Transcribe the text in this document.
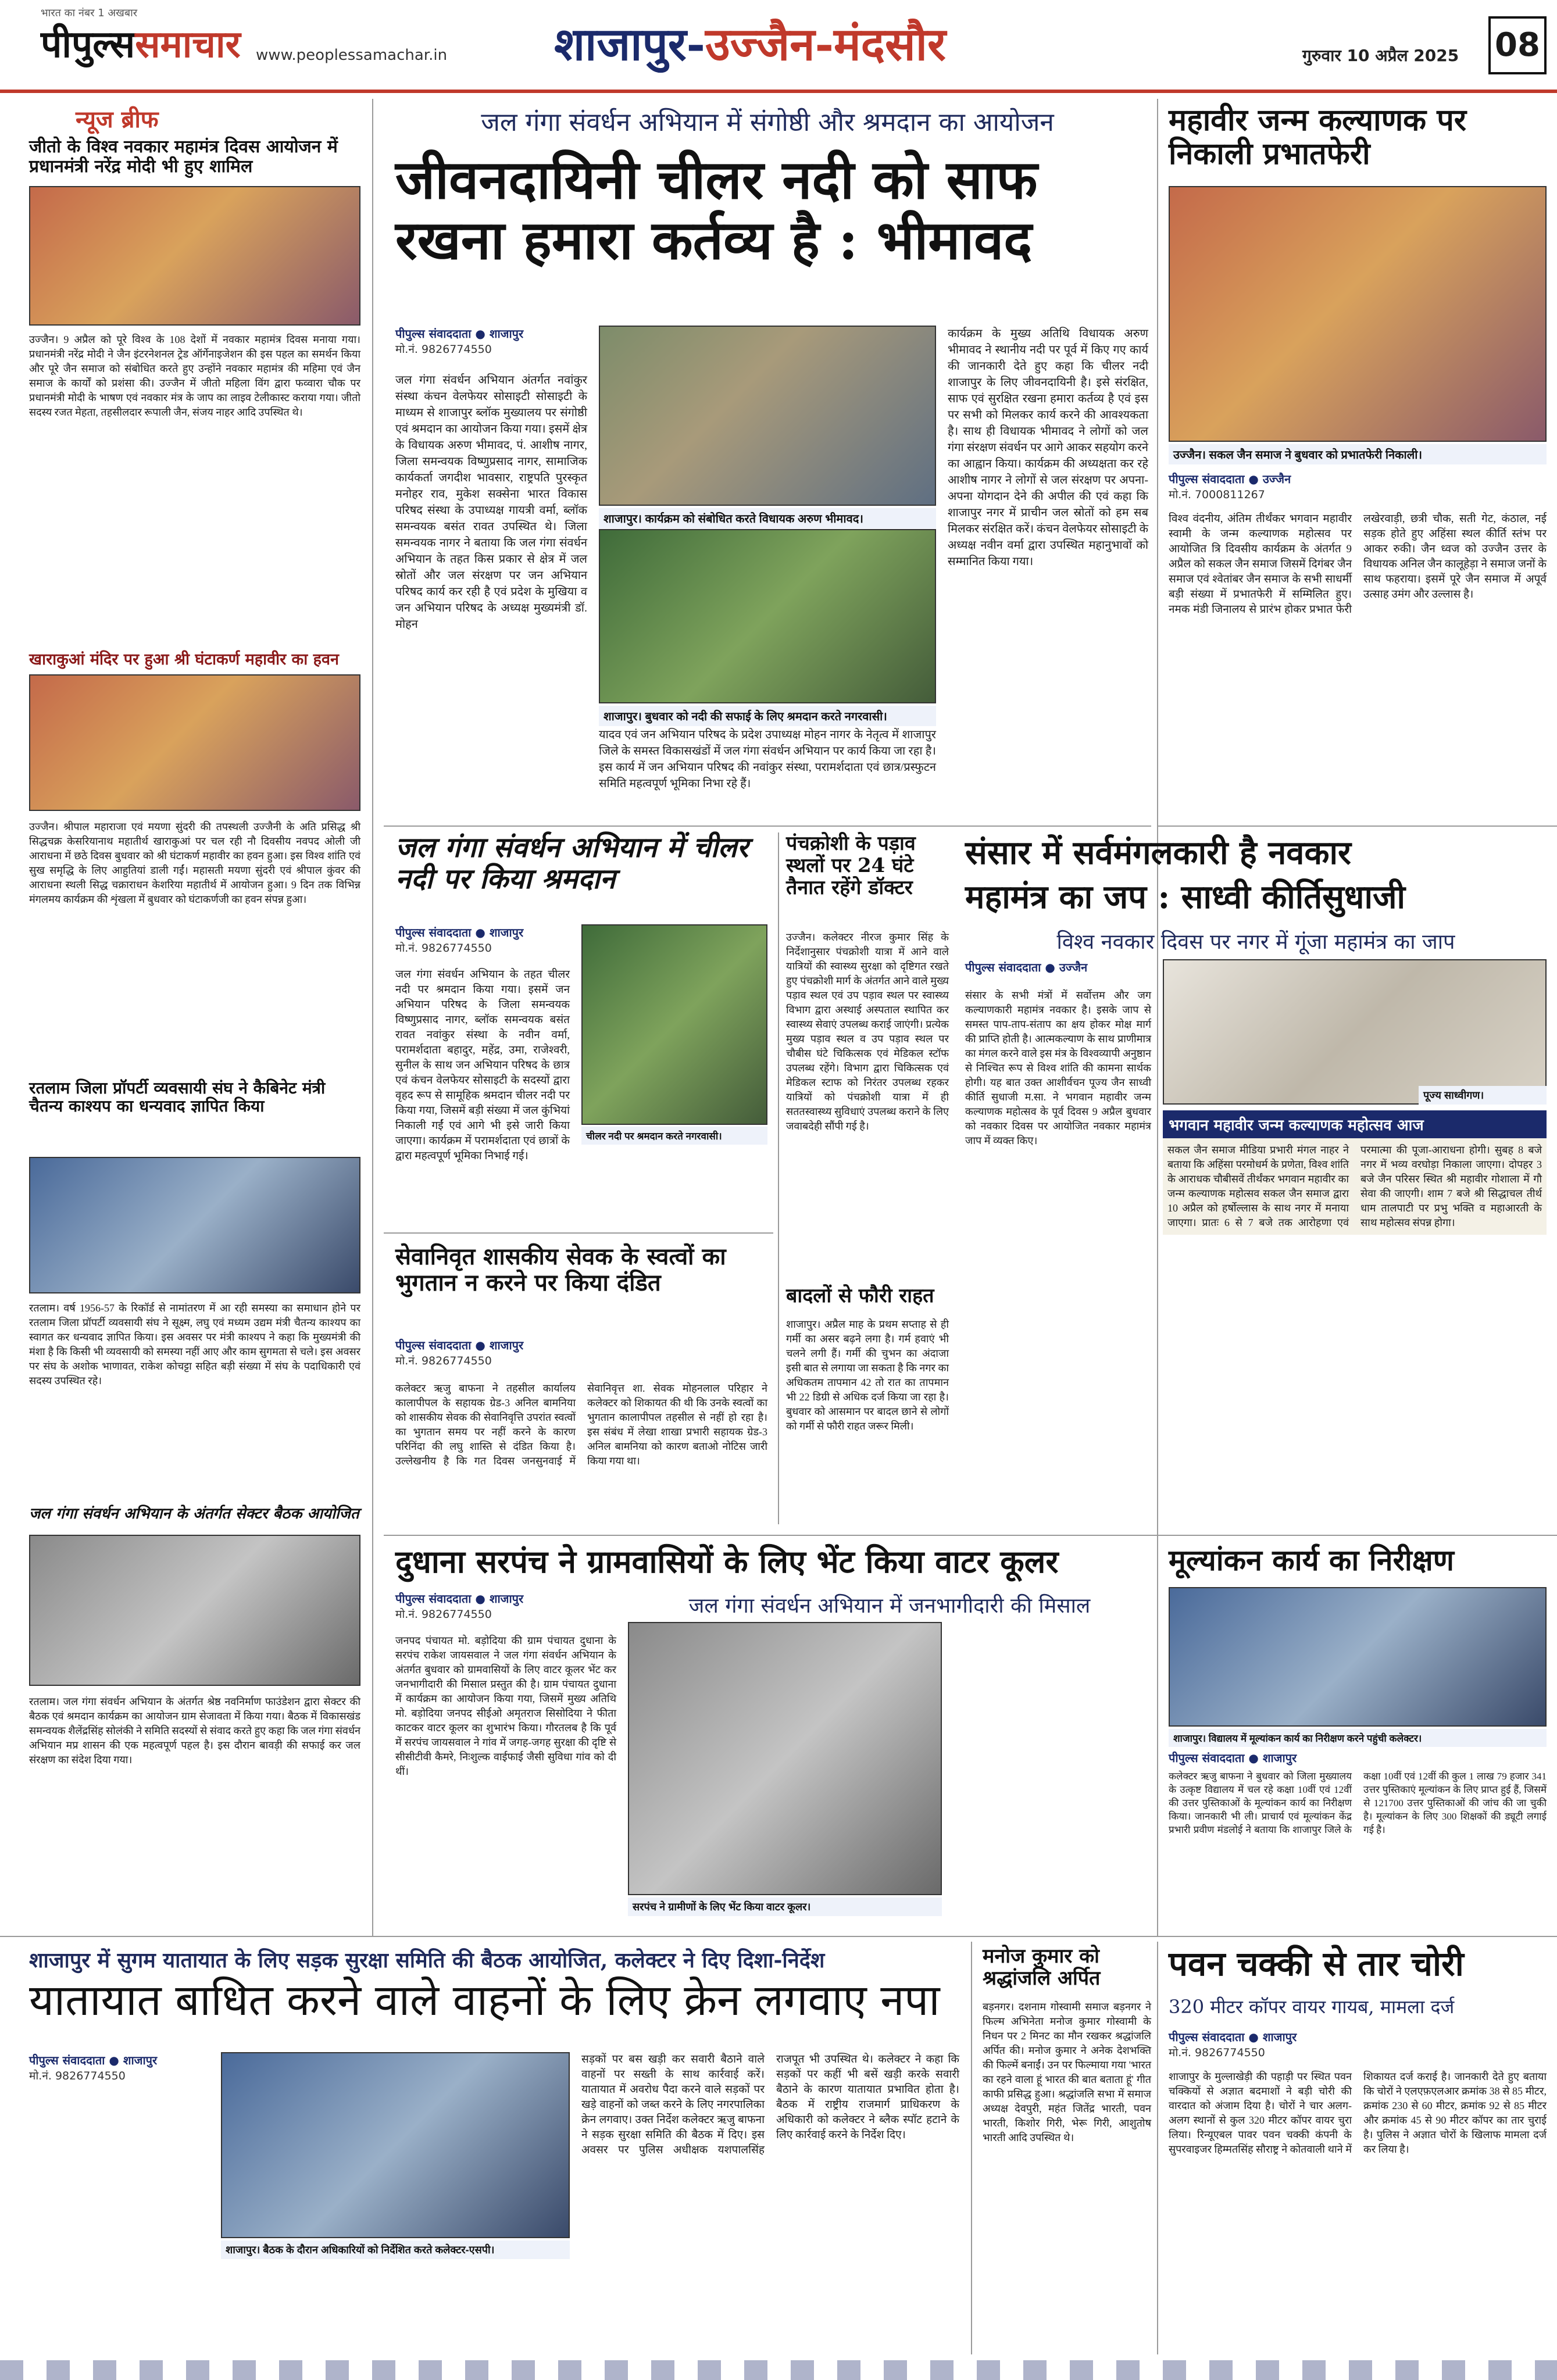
भारत का नंबर 1 अखबार
पीपुल्ससमाचार www.peoplessamachar.in	शाजापुर-उज्जैन-मंदसौर	गुरुवार 10 अप्रैल 2025 08
न्यूज ब्रीफ
जीतो के विश्व नवकार महामंत्र दिवस आयोजन में प्रधानमंत्री नरेंद्र मोदी भी हुए शामिल
उज्जैन। 9 अप्रैल को पूरे विश्व के 108 देशों में नवकार महामंत्र दिवस मनाया गया। प्रधानमंत्री नरेंद्र मोदी ने जैन इंटरनेशनल ट्रेड ऑर्गेनाइजेशन की इस पहल का समर्थन किया और पूरे जैन समाज को संबोधित करते हुए उन्होंने नवकार महामंत्र की महिमा एवं जैन समाज के कार्यों को प्रशंसा की। उज्जैन में जीतो महिला विंग द्वारा फव्वारा चौक पर प्रधानमंत्री मोदी के भाषण एवं नवकार मंत्र के जाप का लाइव टेलीकास्ट कराया गया। जीतो सदस्य रजत मेहता, तहसीलदार रूपाली जैन, संजय नाहर आदि उपस्थित थे।
खाराकुआं मंदिर पर हुआ श्री घंटाकर्ण महावीर का हवन
उज्जैन। श्रीपाल महाराजा एवं मयणा सुंदरी की तपस्थली उज्जैनी के अति प्रसिद्ध श्री सिद्धचक्र केसरियानाथ महातीर्थ खाराकुआं पर चल रही नौ दिवसीय नवपद ओली जी आराधना में छठे दिवस बुधवार को श्री घंटाकर्ण महावीर का हवन हुआ। इस विश्व शांति एवं सुख समृद्धि के लिए आहुतियां डाली गईं। महासती मयणा सुंदरी एवं श्रीपाल कुंवर की आराधना स्थली सिद्ध चक्राराधन केशरिया महातीर्थ में आयोजन हुआ। 9 दिन तक विभिन्न मंगलमय कार्यक्रम की शृंखला में बुधवार को घंटाकर्णजी का हवन संपन्न हुआ।
रतलाम जिला प्रॉपर्टी व्यवसायी संघ ने कैबिनेट मंत्री चैतन्य काश्यप का धन्यवाद ज्ञापित किया
रतलाम। वर्ष 1956-57 के रिकॉर्ड से नामांतरण में आ रही समस्या का समाधान होने पर रतलाम जिला प्रॉपर्टी व्यवसायी संघ ने सूक्ष्म, लघु एवं मध्यम उद्यम मंत्री चैतन्य काश्यप का स्वागत कर धन्यवाद ज्ञापित किया। इस अवसर पर मंत्री काश्यप ने कहा कि मुख्यमंत्री की मंशा है कि किसी भी व्यवसायी को समस्या नहीं आए और काम सुगमता से चले। इस अवसर पर संघ के अशोक भाणावत, राकेश कोचट्टा सहित बड़ी संख्या में संघ के पदाधिकारी एवं सदस्य उपस्थित रहे।
जल गंगा संवर्धन अभियान के अंतर्गत सेक्टर बैठक आयोजित
रतलाम। जल गंगा संवर्धन अभियान के अंतर्गत श्रेष्ठ नवनिर्माण फाउंडेशन द्वारा सेक्टर की बैठक एवं श्रमदान कार्यक्रम का आयोजन ग्राम सेजावता में किया गया। बैठक में विकासखंड समन्वयक शैलेंद्रसिंह सोलंकी ने समिति सदस्यों से संवाद करते हुए कहा कि जल गंगा संवर्धन अभियान मप्र शासन की एक महत्वपूर्ण पहल है। इस दौरान बावड़ी की सफाई कर जल संरक्षण का संदेश दिया गया।
जल गंगा संवर्धन अभियान में संगोष्ठी और श्रमदान का आयोजन
जीवनदायिनी चीलर नदी को साफ
रखना हमारा कर्तव्य है : भीमावद
पीपुल्स संवाददाता ● शाजापुर
मो.नं. 9826774550
जल गंगा संवर्धन अभियान अंतर्गत नवांकुर संस्था कंचन वेलफेयर सोसाइटी सोसाइटी के माध्यम से शाजापुर ब्लॉक मुख्यालय पर संगोष्ठी एवं श्रमदान का आयोजन किया गया। इसमें क्षेत्र के विधायक अरुण भीमावद, पं. आशीष नागर, जिला समन्वयक विष्णुप्रसाद नागर, सामाजिक कार्यकर्ता जगदीश भावसार, राष्ट्रपति पुरस्कृत मनोहर राव, मुकेश सक्सेना भारत विकास परिषद संस्था के उपाध्यक्ष गायत्री वर्मा, ब्लॉक समन्वयक बसंत रावत उपस्थित थे। जिला समन्वयक नागर ने बताया कि जल गंगा संवर्धन अभियान के तहत किस प्रकार से क्षेत्र में जल स्रोतों और जल संरक्षण पर जन अभियान परिषद कार्य कर रही है एवं प्रदेश के मुखिया व जन अभियान परिषद के अध्यक्ष मुख्यमंत्री डॉ. मोहन
शाजापुर। कार्यक्रम को संबोधित करते विधायक अरुण भीमावद।
शाजापुर। बुधवार को नदी की सफाई के लिए श्रमदान करते नगरवासी।
यादव एवं जन अभियान परिषद के प्रदेश उपाध्यक्ष मोहन नागर के नेतृत्व में शाजापुर जिले के समस्त विकासखंडों में जल गंगा संवर्धन अभियान पर कार्य किया जा रहा है। इस कार्य में जन अभियान परिषद की नवांकुर संस्था, परामर्शदाता एवं छात्र/प्रस्फुटन समिति महत्वपूर्ण भूमिका निभा रहे हैं।
कार्यक्रम के मुख्य अतिथि विधायक अरुण भीमावद ने स्थानीय नदी पर पूर्व में किए गए कार्य की जानकारी देते हुए कहा कि चीलर नदी शाजापुर के लिए जीवनदायिनी है। इसे संरक्षित, साफ एवं सुरक्षित रखना हमारा कर्तव्य है एवं इस पर सभी को मिलकर कार्य करने की आवश्यकता है। साथ ही विधायक भीमावद ने लोगों को जल गंगा संरक्षण संवर्धन पर आगे आकर सहयोग करने का आह्वान किया। कार्यक्रम की अध्यक्षता कर रहे आशीष नागर ने लोगों से जल संरक्षण पर अपना-अपना योगदान देने की अपील की एवं कहा कि शाजापुर नगर में प्राचीन जल स्रोतों को हम सब मिलकर संरक्षित करें। कंचन वेलफेयर सोसाइटी के अध्यक्ष नवीन वर्मा द्वारा उपस्थित महानुभावों को सम्मानित किया गया।
जल गंगा संवर्धन अभियान में चीलर नदी पर किया श्रमदान
पीपुल्स संवाददाता ● शाजापुर
मो.नं. 9826774550
जल गंगा संवर्धन अभियान के तहत चीलर नदी पर श्रमदान किया गया। इसमें जन अभियान परिषद के जिला समन्वयक विष्णुप्रसाद नागर, ब्लॉक समन्वयक बसंत रावत नवांकुर संस्था के नवीन वर्मा, परामर्शदाता बहादुर, महेंद्र, उमा, राजेश्वरी, सुनील के साथ जन अभियान परिषद के छात्र एवं कंचन वेलफेयर सोसाइटी के सदस्यों द्वारा वृहद रूप से सामूहिक श्रमदान चीलर नदी पर किया गया, जिसमें बड़ी संख्या में जल कुंभियां निकाली गईं एवं आगे भी इसे जारी किया जाएगा। कार्यक्रम में परामर्शदाता एवं छात्रों के द्वारा महत्वपूर्ण भूमिका निभाई गई।
चीलर नदी पर श्रमदान करते नगरवासी।
पंचक्रोशी के पड़ाव स्थलों पर 24 घंटे तैनात रहेंगे डॉक्टर
उज्जैन। कलेक्टर नीरज कुमार सिंह के निर्देशानुसार पंचक्रोशी यात्रा में आने वाले यात्रियों की स्वास्थ्य सुरक्षा को दृष्टिगत रखते हुए पंचक्रोशी मार्ग के अंतर्गत आने वाले मुख्य पड़ाव स्थल एवं उप पड़ाव स्थल पर स्वास्थ्य विभाग द्वारा अस्थाई अस्पताल स्थापित कर स्वास्थ्य सेवाएं उपलब्ध कराई जाएंगी। प्रत्येक मुख्य पड़ाव स्थल व उप पड़ाव स्थल पर चौबीस घंटे चिकित्सक एवं मेडिकल स्टॉफ उपलब्ध रहेंगे। विभाग द्वारा चिकित्सक एवं मेडिकल स्टाफ को निरंतर उपलब्ध रहकर यात्रियों को पंचक्रोशी यात्रा में ही सततस्वास्थ्य सुविधाएं उपलब्ध कराने के लिए जवाबदेही सौंपी गई है।
बादलों से फौरी राहत
शाजापुर। अप्रैल माह के प्रथम सप्ताह से ही गर्मी का असर बढ़ने लगा है। गर्म हवाएं भी चलने लगी हैं। गर्मी की चुभन का अंदाजा इसी बात से लगाया जा सकता है कि नगर का अधिकतम तापमान 42 तो रात का तापमान भी 22 डिग्री से अधिक दर्ज किया जा रहा है। बुधवार को आसमान पर बादल छाने से लोगों को गर्मी से फौरी राहत जरूर मिली।
सेवानिवृत शासकीय सेवक के स्वत्वों का भुगतान न करने पर किया दंडित
पीपुल्स संवाददाता ● शाजापुर
मो.नं. 9826774550
कलेक्टर ऋजु बाफना ने तहसील कार्यालय कालापीपल के सहायक ग्रेड-3 अनिल बामनिया को शासकीय सेवक की सेवानिवृत्ति उपरांत स्वत्वों का भुगतान समय पर नहीं करने के कारण परिनिंदा की लघु शास्ति से दंडित किया है। उल्लेखनीय है कि गत दिवस जनसुनवाई में सेवानिवृत्त शा. सेवक मोहनलाल परिहार ने कलेक्टर को शिकायत की थी कि उनके स्वत्वों का भुगतान कालापीपल तहसील से नहीं हो रहा है। इस संबंध में लेखा शाखा प्रभारी सहायक ग्रेड-3 अनिल बामनिया को कारण बताओ नोटिस जारी किया गया था।
महावीर जन्म कल्याणक पर निकाली प्रभातफेरी
उज्जैन। सकल जैन समाज ने बुधवार को प्रभातफेरी निकाली।
पीपुल्स संवाददाता ● उज्जैन
मो.नं. 7000811267
विश्व वंदनीय, अंतिम तीर्थंकर भगवान महावीर स्वामी के जन्म कल्याणक महोत्सव पर आयोजित त्रि दिवसीय कार्यक्रम के अंतर्गत 9 अप्रैल को सकल जैन समाज जिसमें दिगंबर जैन समाज एवं श्वेतांबर जैन समाज के सभी साधर्मी बड़ी संख्या में प्रभातफेरी में सम्मिलित हुए। नमक मंडी जिनालय से प्रारंभ होकर प्रभात फेरी लखेरवाड़ी, छत्री चौक, सती गेट, कंठाल, नई सड़क होते हुए अहिंसा स्थल कीर्ति स्तंभ पर आकर रुकी। जैन ध्वज को उज्जैन उत्तर के विधायक अनिल जैन कालूहेड़ा ने समाज जनों के साथ फहराया। इसमें पूरे जैन समाज में अपूर्व उत्साह उमंग और उल्लास है।
संसार में सर्वमंगलकारी है नवकार
महामंत्र का जप : साध्वी कीर्तिसुधाजी
विश्व नवकार दिवस पर नगर में गूंजा महामंत्र का जाप
पीपुल्स संवाददाता ● उज्जैन
संसार के सभी मंत्रों में सर्वोत्तम और जग कल्याणकारी महामंत्र नवकार है। इसके जाप से समस्त पाप-ताप-संताप का क्षय होकर मोक्ष मार्ग की प्राप्ति होती है। आत्मकल्याण के साथ प्राणीमात्र का मंगल करने वाले इस मंत्र के विश्वव्यापी अनुष्ठान से निश्चित रूप से विश्व शांति की कामना सार्थक होगी। यह बात उक्त आशीर्वचन पूज्य जैन साध्वी कीर्ति सुधाजी म.सा. ने भगवान महावीर जन्म कल्याणक महोत्सव के पूर्व दिवस 9 अप्रैल बुधवार को नवकार दिवस पर आयोजित नवकार महामंत्र जाप में व्यक्त किए।
पूज्य साध्वीगण।
भगवान महावीर जन्म कल्याणक महोत्सव आज
सकल जैन समाज मीडिया प्रभारी मंगल नाहर ने बताया कि अहिंसा परमोधर्म के प्रणेता, विश्व शांति के आराधक चौबीसवें तीर्थंकर भगवान महावीर का जन्म कल्याणक महोत्सव सकल जैन समाज द्वारा 10 अप्रैल को हर्षोल्लास के साथ नगर में मनाया जाएगा। प्रातः 6 से 7 बजे तक आरोहणा एवं परमात्मा की पूजा-आराधना होगी। सुबह 8 बजे नगर में भव्य वरघोड़ा निकाला जाएगा। दोपहर 3 बजे जैन परिसर स्थित श्री महावीर गोशाला में गौ सेवा की जाएगी। शाम 7 बजे श्री सिद्धाचल तीर्थ धाम तालपाटी पर प्रभु भक्ति व महाआरती के साथ महोत्सव संपन्न होगा।
दुधाना सरपंच ने ग्रामवासियों के लिए भेंट किया वाटर कूलर
जल गंगा संवर्धन अभियान में जनभागीदारी की मिसाल
पीपुल्स संवाददाता ● शाजापुर
मो.नं. 9826774550
जनपद पंचायत मो. बड़ोदिया की ग्राम पंचायत दुधाना के सरपंच राकेश जायसवाल ने जल गंगा संवर्धन अभियान के अंतर्गत बुधवार को ग्रामवासियों के लिए वाटर कूलर भेंट कर जनभागीदारी की मिसाल प्रस्तुत की है। ग्राम पंचायत दुधाना में कार्यक्रम का आयोजन किया गया, जिसमें मुख्य अतिथि मो. बड़ोदिया जनपद सीईओ अमृतराज सिसोदिया ने फीता काटकर वाटर कूलर का शुभारंभ किया। गौरतलब है कि पूर्व में सरपंच जायसवाल ने गांव में जगह-जगह सुरक्षा की दृष्टि से सीसीटीवी कैमरे, निःशुल्क वाईफाई जैसी सुविधा गांव को दी थीं।
सरपंच ने ग्रामीणों के लिए भेंट किया वाटर कूलर।
मूल्यांकन कार्य का निरीक्षण
शाजापुर। विद्यालय में मूल्यांकन कार्य का निरीक्षण करने पहुंची कलेक्टर।
पीपुल्स संवाददाता ● शाजापुर
कलेक्टर ऋजु बाफना ने बुधवार को जिला मुख्यालय के उत्कृष्ट विद्यालय में चल रहे कक्षा 10वीं एवं 12वीं की उत्तर पुस्तिकाओं के मूल्यांकन कार्य का निरीक्षण किया। जानकारी भी ली। प्राचार्य एवं मूल्यांकन केंद्र प्रभारी प्रवीण मंडलोई ने बताया कि शाजापुर जिले के कक्षा 10वीं एवं 12वीं की कुल 1 लाख 79 हजार 341 उत्तर पुस्तिकाएं मूल्यांकन के लिए प्राप्त हुई हैं, जिसमें से 121700 उत्तर पुस्तिकाओं की जांच की जा चुकी है। मूल्यांकन के लिए 300 शिक्षकों की ड्यूटी लगाई गई है।
शाजापुर में सुगम यातायात के लिए सड़क सुरक्षा समिति की बैठक आयोजित, कलेक्टर ने दिए दिशा-निर्देश
यातायात बाधित करने वाले वाहनों के लिए क्रेन लगवाए नपा
पीपुल्स संवाददाता ● शाजापुर
मो.नं. 9826774550
शाजापुर। बैठक के दौरान अधिकारियों को निर्देशित करते कलेक्टर-एसपी।
सड़कों पर बस खड़ी कर सवारी बैठाने वाले वाहनों पर सख्ती के साथ कार्रवाई करें। यातायात में अवरोध पैदा करने वाले सड़कों पर खड़े वाहनों को जब्त करने के लिए नगरपालिका क्रेन लगवाए। उक्त निर्देश कलेक्टर ऋजु बाफना ने सड़क सुरक्षा समिति की बैठक में दिए। इस अवसर पर पुलिस अधीक्षक यशपालसिंह राजपूत भी उपस्थित थे। कलेक्टर ने कहा कि सड़कों पर कहीं भी बसें खड़ी करके सवारी बैठाने के कारण यातायात प्रभावित होता है। बैठक में राष्ट्रीय राजमार्ग प्राधिकरण के अधिकारी को कलेक्टर ने ब्लैक स्पॉट हटाने के लिए कार्रवाई करने के निर्देश दिए।
मनोज कुमार को श्रद्धांजलि अर्पित
बड़नगर। दशनाम गोस्वामी समाज बड़नगर ने फिल्म अभिनेता मनोज कुमार गोस्वामी के निधन पर 2 मिनट का मौन रखकर श्रद्धांजलि अर्पित की। मनोज कुमार ने अनेक देशभक्ति की फिल्में बनाईं। उन पर फिल्माया गया 'भारत का रहने वाला हूं भारत की बात बताता हूं' गीत काफी प्रसिद्ध हुआ। श्रद्धांजलि सभा में समाज अध्यक्ष देवपुरी, महंत जितेंद्र भारती, पवन भारती, किशोर गिरी, भेरू गिरी, आशुतोष भारती आदि उपस्थित थे।
पवन चक्की से तार चोरी
320 मीटर कॉपर वायर गायब, मामला दर्ज
पीपुल्स संवाददाता ● शाजापुर
मो.नं. 9826774550
शाजापुर के मुल्लाखेड़ी की पहाड़ी पर स्थित पवन चक्कियों से अज्ञात बदमाशों ने बड़ी चोरी की वारदात को अंजाम दिया है। चोरों ने चार अलग-अलग स्थानों से कुल 320 मीटर कॉपर वायर चुरा लिया। रिन्यूएबल पावर पवन चक्की कंपनी के सुपरवाइजर हिम्मतसिंह सौराष्ट्र ने कोतवाली थाने में शिकायत दर्ज कराई है। जानकारी देते हुए बताया कि चोरों ने एलएफ़एलआर क्रमांक 38 से 85 मीटर, क्रमांक 230 से 60 मीटर, क्रमांक 92 से 85 मीटर और क्रमांक 45 से 90 मीटर कॉपर का तार चुराई है। पुलिस ने अज्ञात चोरों के खिलाफ मामला दर्ज कर लिया है।
